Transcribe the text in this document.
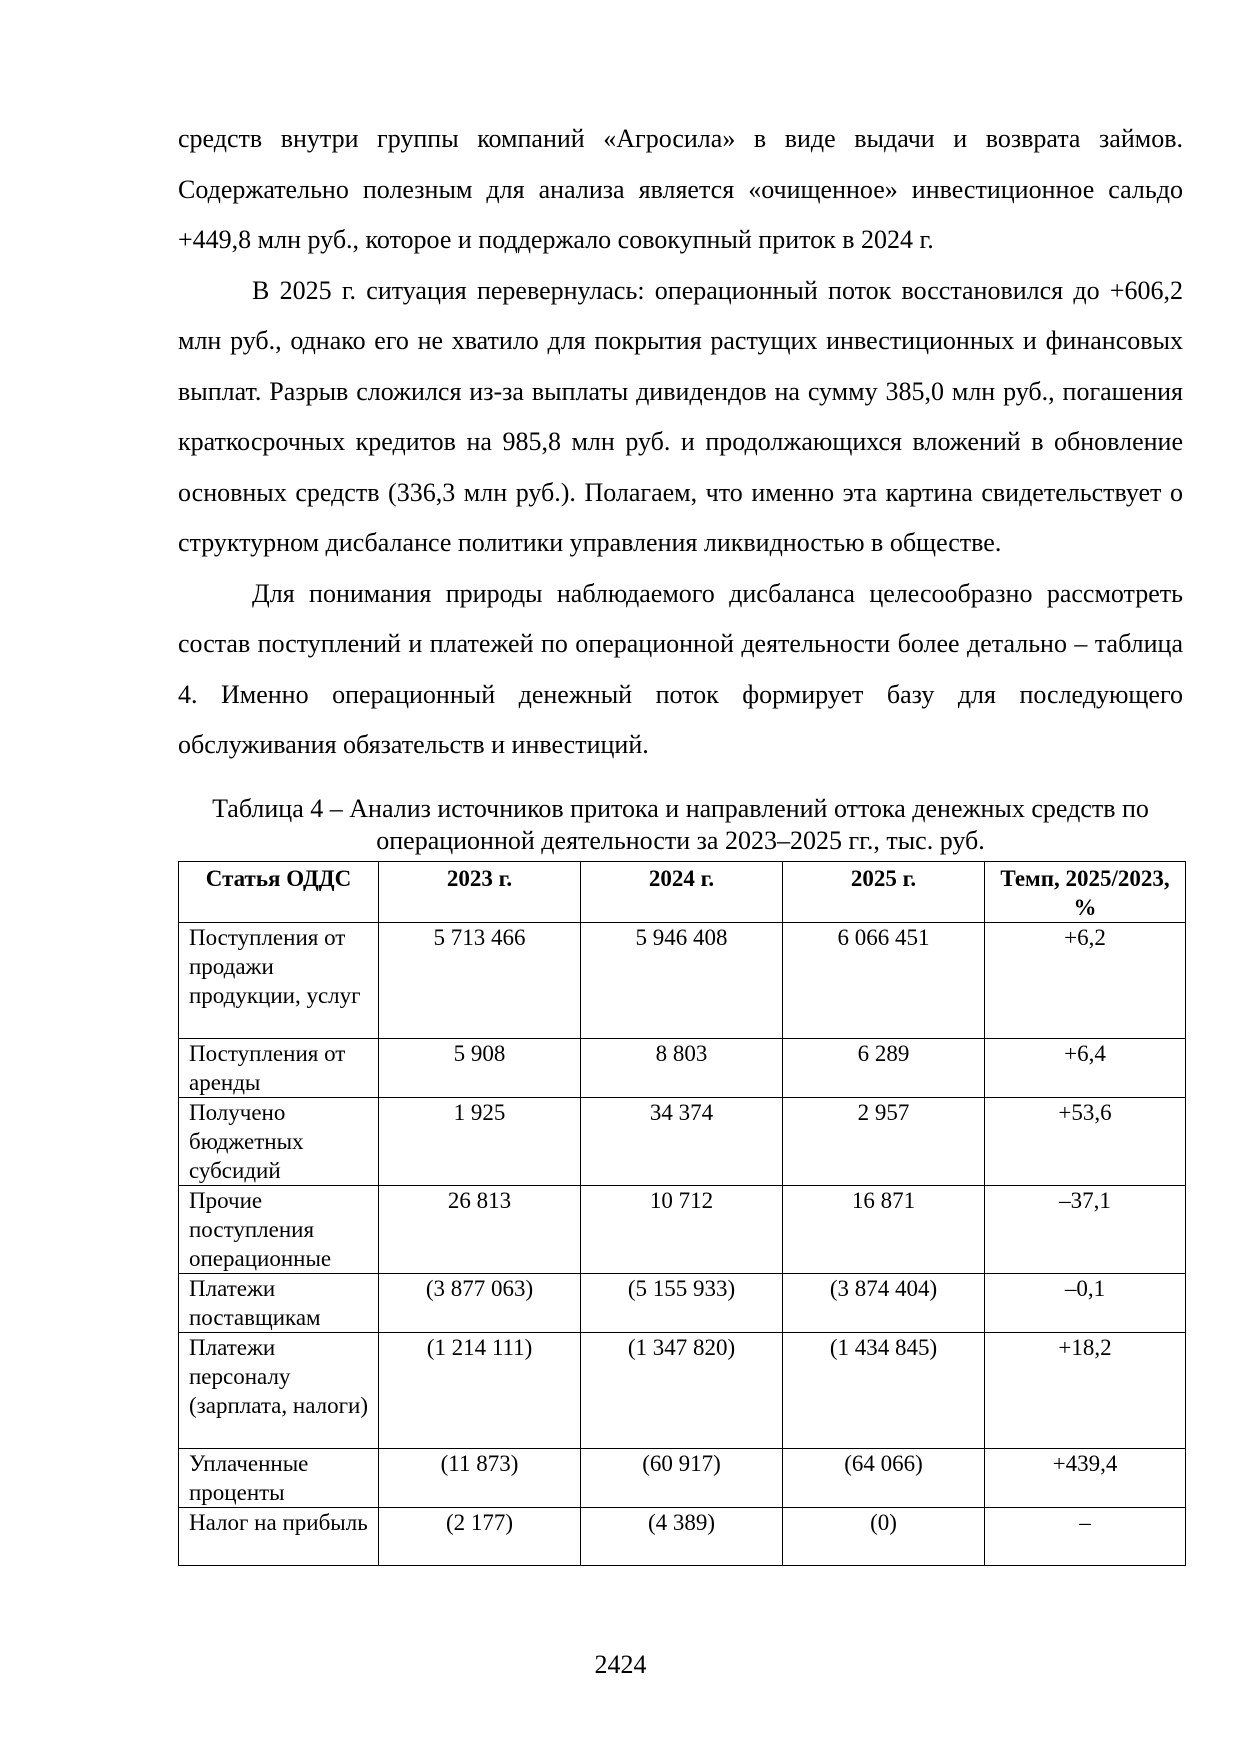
средств внутри группы компаний «Агросила» в виде выдачи и возврата займов. Содержательно полезным для анализа является «очищенное» инвестиционное сальдо +449,8 млн руб., которое и поддержало совокупный приток в 2024 г.

В 2025 г. ситуация перевернулась: операционный поток восстановился до +606,2 млн руб., однако его не хватило для покрытия растущих инвестиционных и финансовых выплат. Разрыв сложился из-за выплаты дивидендов на сумму 385,0 млн руб., погашения краткосрочных кредитов на 985,8 млн руб. и продолжающихся вложений в обновление основных средств (336,3 млн руб.). Полагаем, что именно эта картина свидетельствует о структурном дисбалансе политики управления ликвидностью в обществе.

Для понимания природы наблюдаемого дисбаланса целесообразно рассмотреть состав поступлений и платежей по операционной деятельности более детально – таблица 4. Именно операционный денежный поток формирует базу для последующего обслуживания обязательств и инвестиций.

Таблица 4 – Анализ источников притока и направлений оттока денежных средств по операционной деятельности за 2023–2025 гг., тыс. руб.
Статья ОДДС	2023 г.	2024 г.	2025 г.	Темп, 2025/2023, %
Поступления от продажи продукции, услуг	5 713 466	5 946 408	6 066 451	+6,2
Поступления от аренды	5 908	8 803	6 289	+6,4
Получено бюджетных субсидий	1 925	34 374	2 957	+53,6
Прочие поступления операционные	26 813	10 712	16 871	–37,1
Платежи поставщикам	(3 877 063)	(5 155 933)	(3 874 404)	–0,1
Платежи персоналу (зарплата, налоги)	(1 214 111)	(1 347 820)	(1 434 845)	+18,2
Уплаченные проценты	(11 873)	(60 917)	(64 066)	+439,4
Налог на прибыль	(2 177)	(4 389)	(0)	–
2424
